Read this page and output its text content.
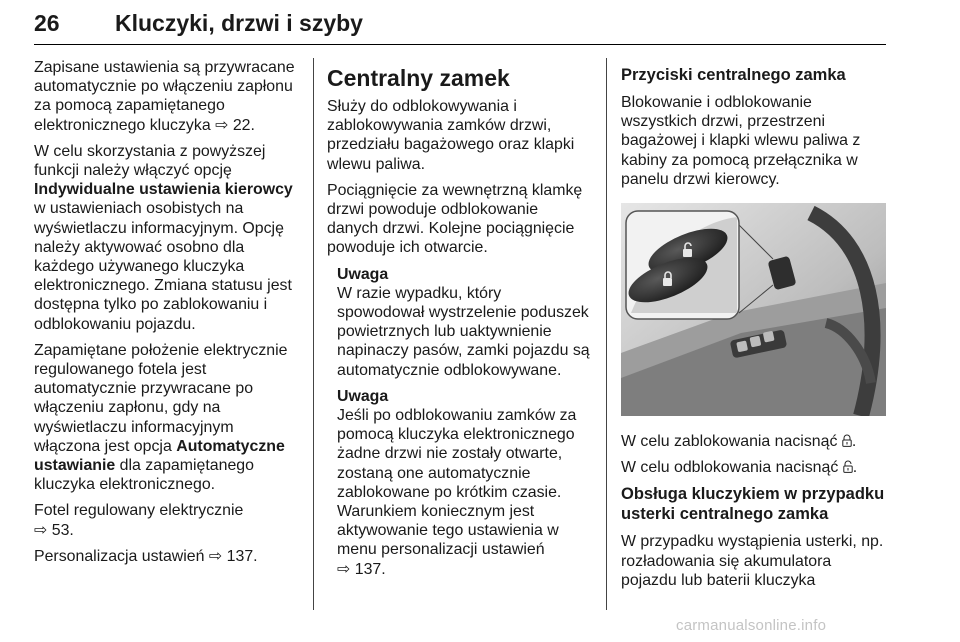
26 Kluczyki, drzwi i szyby

Zapisane ustawienia są przywracane automatycznie po włączeniu zapłonu za pomocą zapamiętanego elektronicznego kluczyka ⇨ 22.

W celu skorzystania z powyższej funkcji należy włączyć opcję Indywidualne ustawienia kierowcy w ustawieniach osobistych na wyświetlaczu informacyjnym. Opcję należy aktywować osobno dla każdego używanego kluczyka elektronicznego. Zmiana statusu jest dostępna tylko po zablokowaniu i odblokowaniu pojazdu.

Zapamiętane położenie elektrycznie regulowanego fotela jest automatycznie przywracane po włączeniu zapłonu, gdy na wyświetlaczu informacyjnym włączona jest opcja Automatyczne ustawianie dla zapamiętanego kluczyka elektronicznego.

Fotel regulowany elektrycznie
⇨ 53.

Personalizacja ustawień ⇨ 137.

Centralny zamek

Służy do odblokowywania i zablokowywania zamków drzwi, przedziału bagażowego oraz klapki wlewu paliwa.

Pociągnięcie za wewnętrzną klamkę drzwi powoduje odblokowanie danych drzwi. Kolejne pociągnięcie powoduje ich otwarcie.

Uwaga
W razie wypadku, który spowodował wystrzelenie poduszek powietrznych lub uaktywnienie napinaczy pasów, zamki pojazdu są automatycznie odblokowywane.
Uwaga
Jeśli po odblokowaniu zamków za pomocą kluczyka elektronicznego żadne drzwi nie zostały otwarte, zostaną one automatycznie zablokowane po krótkim czasie. Warunkiem koniecznym jest aktywowanie tego ustawienia w menu personalizacji ustawień
⇨ 137.
Przyciski centralnego zamka

Blokowanie i odblokowanie wszystkich drzwi, przestrzeni bagażowej i klapki wlewu paliwa z kabiny za pomocą przełącznika w panelu drzwi kierowcy.

W celu zablokowania nacisnąć .

W celu odblokowania nacisnąć .

Obsługa kluczykiem w przypadku usterki centralnego zamka

W przypadku wystąpienia usterki, np. rozładowania się akumulatora pojazdu lub baterii kluczyka

carmanualsonline.info
